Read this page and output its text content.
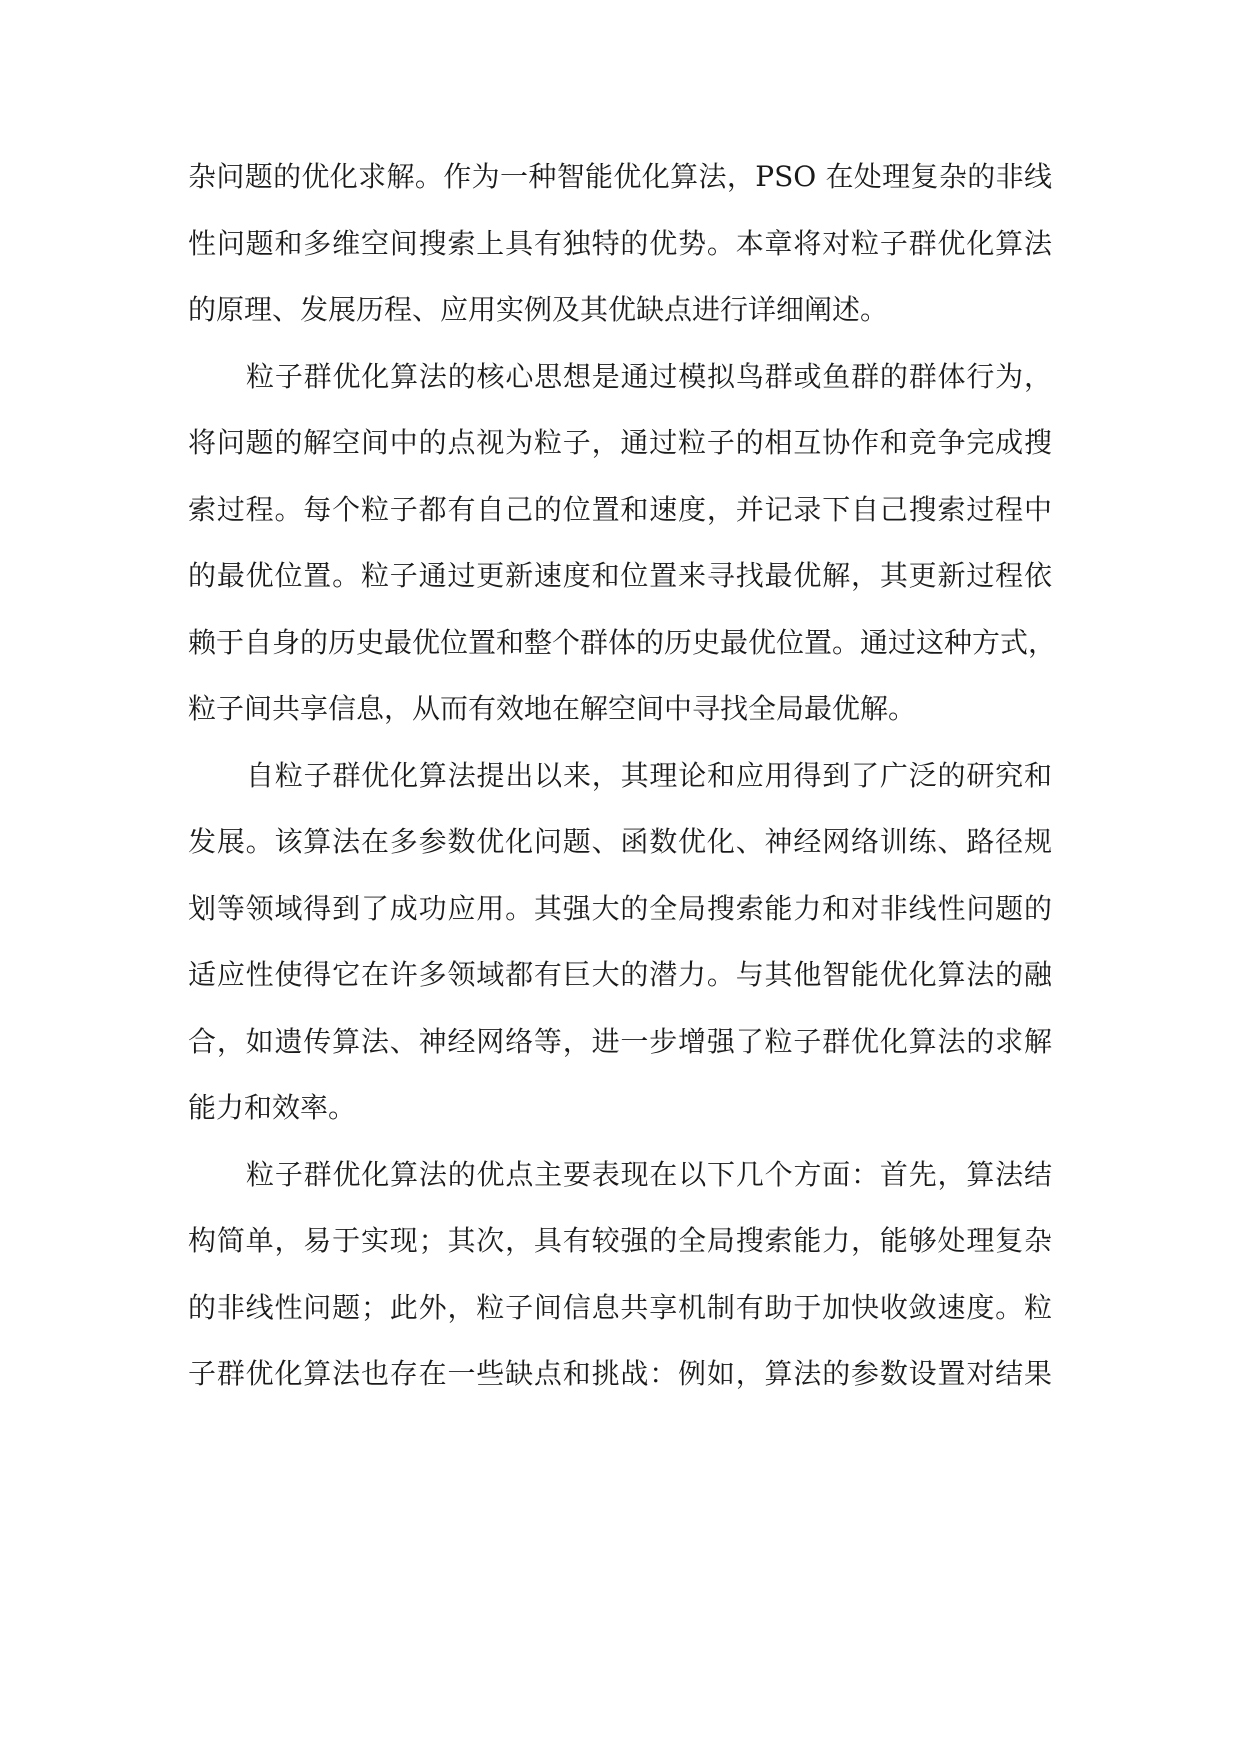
杂问题的优化求解。作为一种智能优化算法，PSO 在处理复杂的非线
性问题和多维空间搜索上具有独特的优势。本章将对粒子群优化算法
的原理、发展历程、应用实例及其优缺点进行详细阐述。
粒子群优化算法的核心思想是通过模拟鸟群或鱼群的群体行为，
将问题的解空间中的点视为粒子，通过粒子的相互协作和竞争完成搜
索过程。每个粒子都有自己的位置和速度，并记录下自己搜索过程中
的最优位置。粒子通过更新速度和位置来寻找最优解，其更新过程依
赖于自身的历史最优位置和整个群体的历史最优位置。通过这种方式，
粒子间共享信息，从而有效地在解空间中寻找全局最优解。
自粒子群优化算法提出以来，其理论和应用得到了广泛的研究和
发展。该算法在多参数优化问题、函数优化、神经网络训练、路径规
划等领域得到了成功应用。其强大的全局搜索能力和对非线性问题的
适应性使得它在许多领域都有巨大的潜力。与其他智能优化算法的融
合，如遗传算法、神经网络等，进一步增强了粒子群优化算法的求解
能力和效率。
粒子群优化算法的优点主要表现在以下几个方面：首先，算法结
构简单，易于实现；其次，具有较强的全局搜索能力，能够处理复杂
的非线性问题；此外，粒子间信息共享机制有助于加快收敛速度。粒
子群优化算法也存在一些缺点和挑战：例如，算法的参数设置对结果
